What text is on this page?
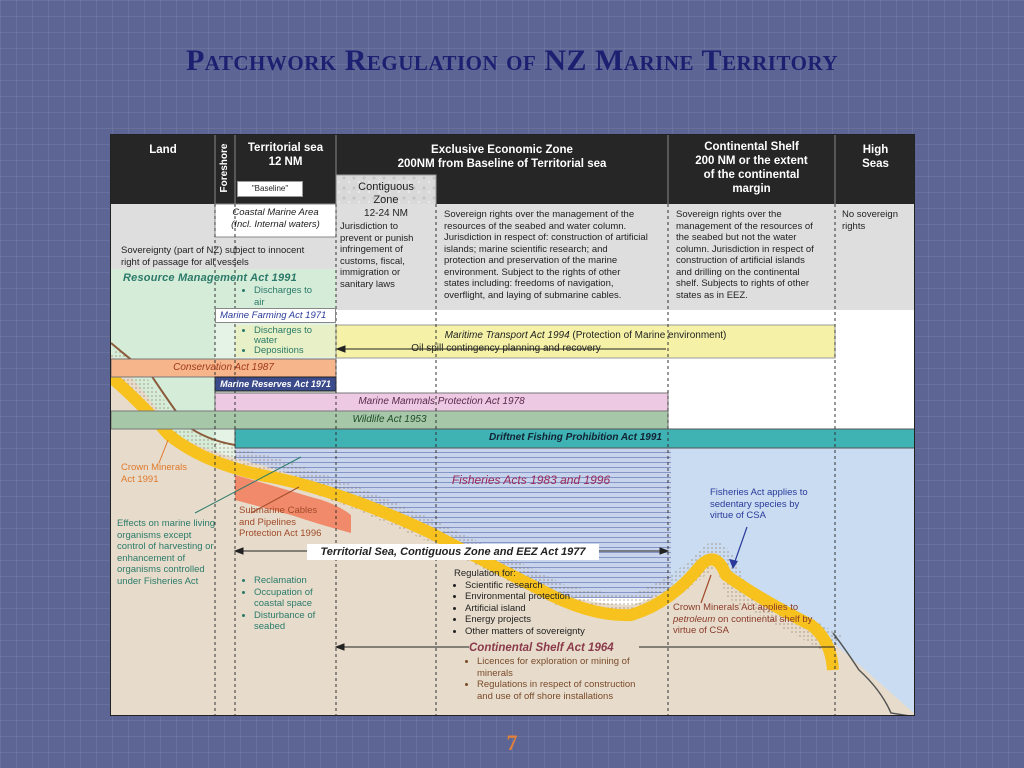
Patchwork Regulation of NZ Marine Territory
Land	Foreshore	Territorial sea
12 NM
"Baseline"
Exclusive Economic Zone
200NM from Baseline of Territorial sea
Continental Shelf
200 NM or the extent
of the continental
margin
High
Seas
Contiguous
Zone
12-24 NM
Jurisdiction to
prevent or punish
infringement of
customs, fiscal,
immigration or
sanitary laws
Coastal Marine Area
(Incl. Internal waters)
Sovereignty (part of NZ) subject to innocent
right of passage for all vessels
Sovereign rights over the management of the
resources of the seabed and water column.
Jurisdiction in respect of: construction of artificial
islands; marine scientific research; and
protection and preservation of the marine
environment. Subject to the rights of other
states including: freedoms of navigation,
overflight, and laying of submarine cables.
Sovereign rights over the
management of the resources of
the seabed but not the water
column. Jurisdiction in respect of
construction of artificial islands
and drilling on the continental
shelf. Subjects to rights of other
states as in EEZ.
No sovereign
rights
Resource Management Act 1991
• Discharges to
air
Marine Farming Act 1971
• Discharges to
water
• Depositions
Maritime Transport Act 1994 (Protection of Marine environment)
Oil spill contingency planning and recovery
Conservation Act 1987
Marine Reserves Act 1971
Marine Mammals Protection Act 1978
Wildlife Act 1953
Driftnet Fishing Prohibition Act 1991
Fisheries Acts 1983 and 1996
Crown Minerals
Act 1991
Submarine Cables
and Pipelines
Protection Act 1996
Effects on marine living
organisms except
control of harvesting or
enhancement of
organisms controlled
under Fisheries Act
•	Reclamation
• Occupation of
coastal space
• Disturbance of
seabed
Territorial Sea, Contiguous Zone and EEZ Act 1977
Regulation for:
• Scientific research
• Environmental protection
• Artificial island
• Energy projects
• Other matters of sovereignty
Continental Shelf Act 1964
• Licences for exploration or mining of
minerals
• Regulations in respect of construction
and use of off shore installations
Fisheries Act applies to
sedentary species by
virtue of CSA
Crown Minerals Act applies to
petroleum on continental shelf by
virtue of CSA
7
